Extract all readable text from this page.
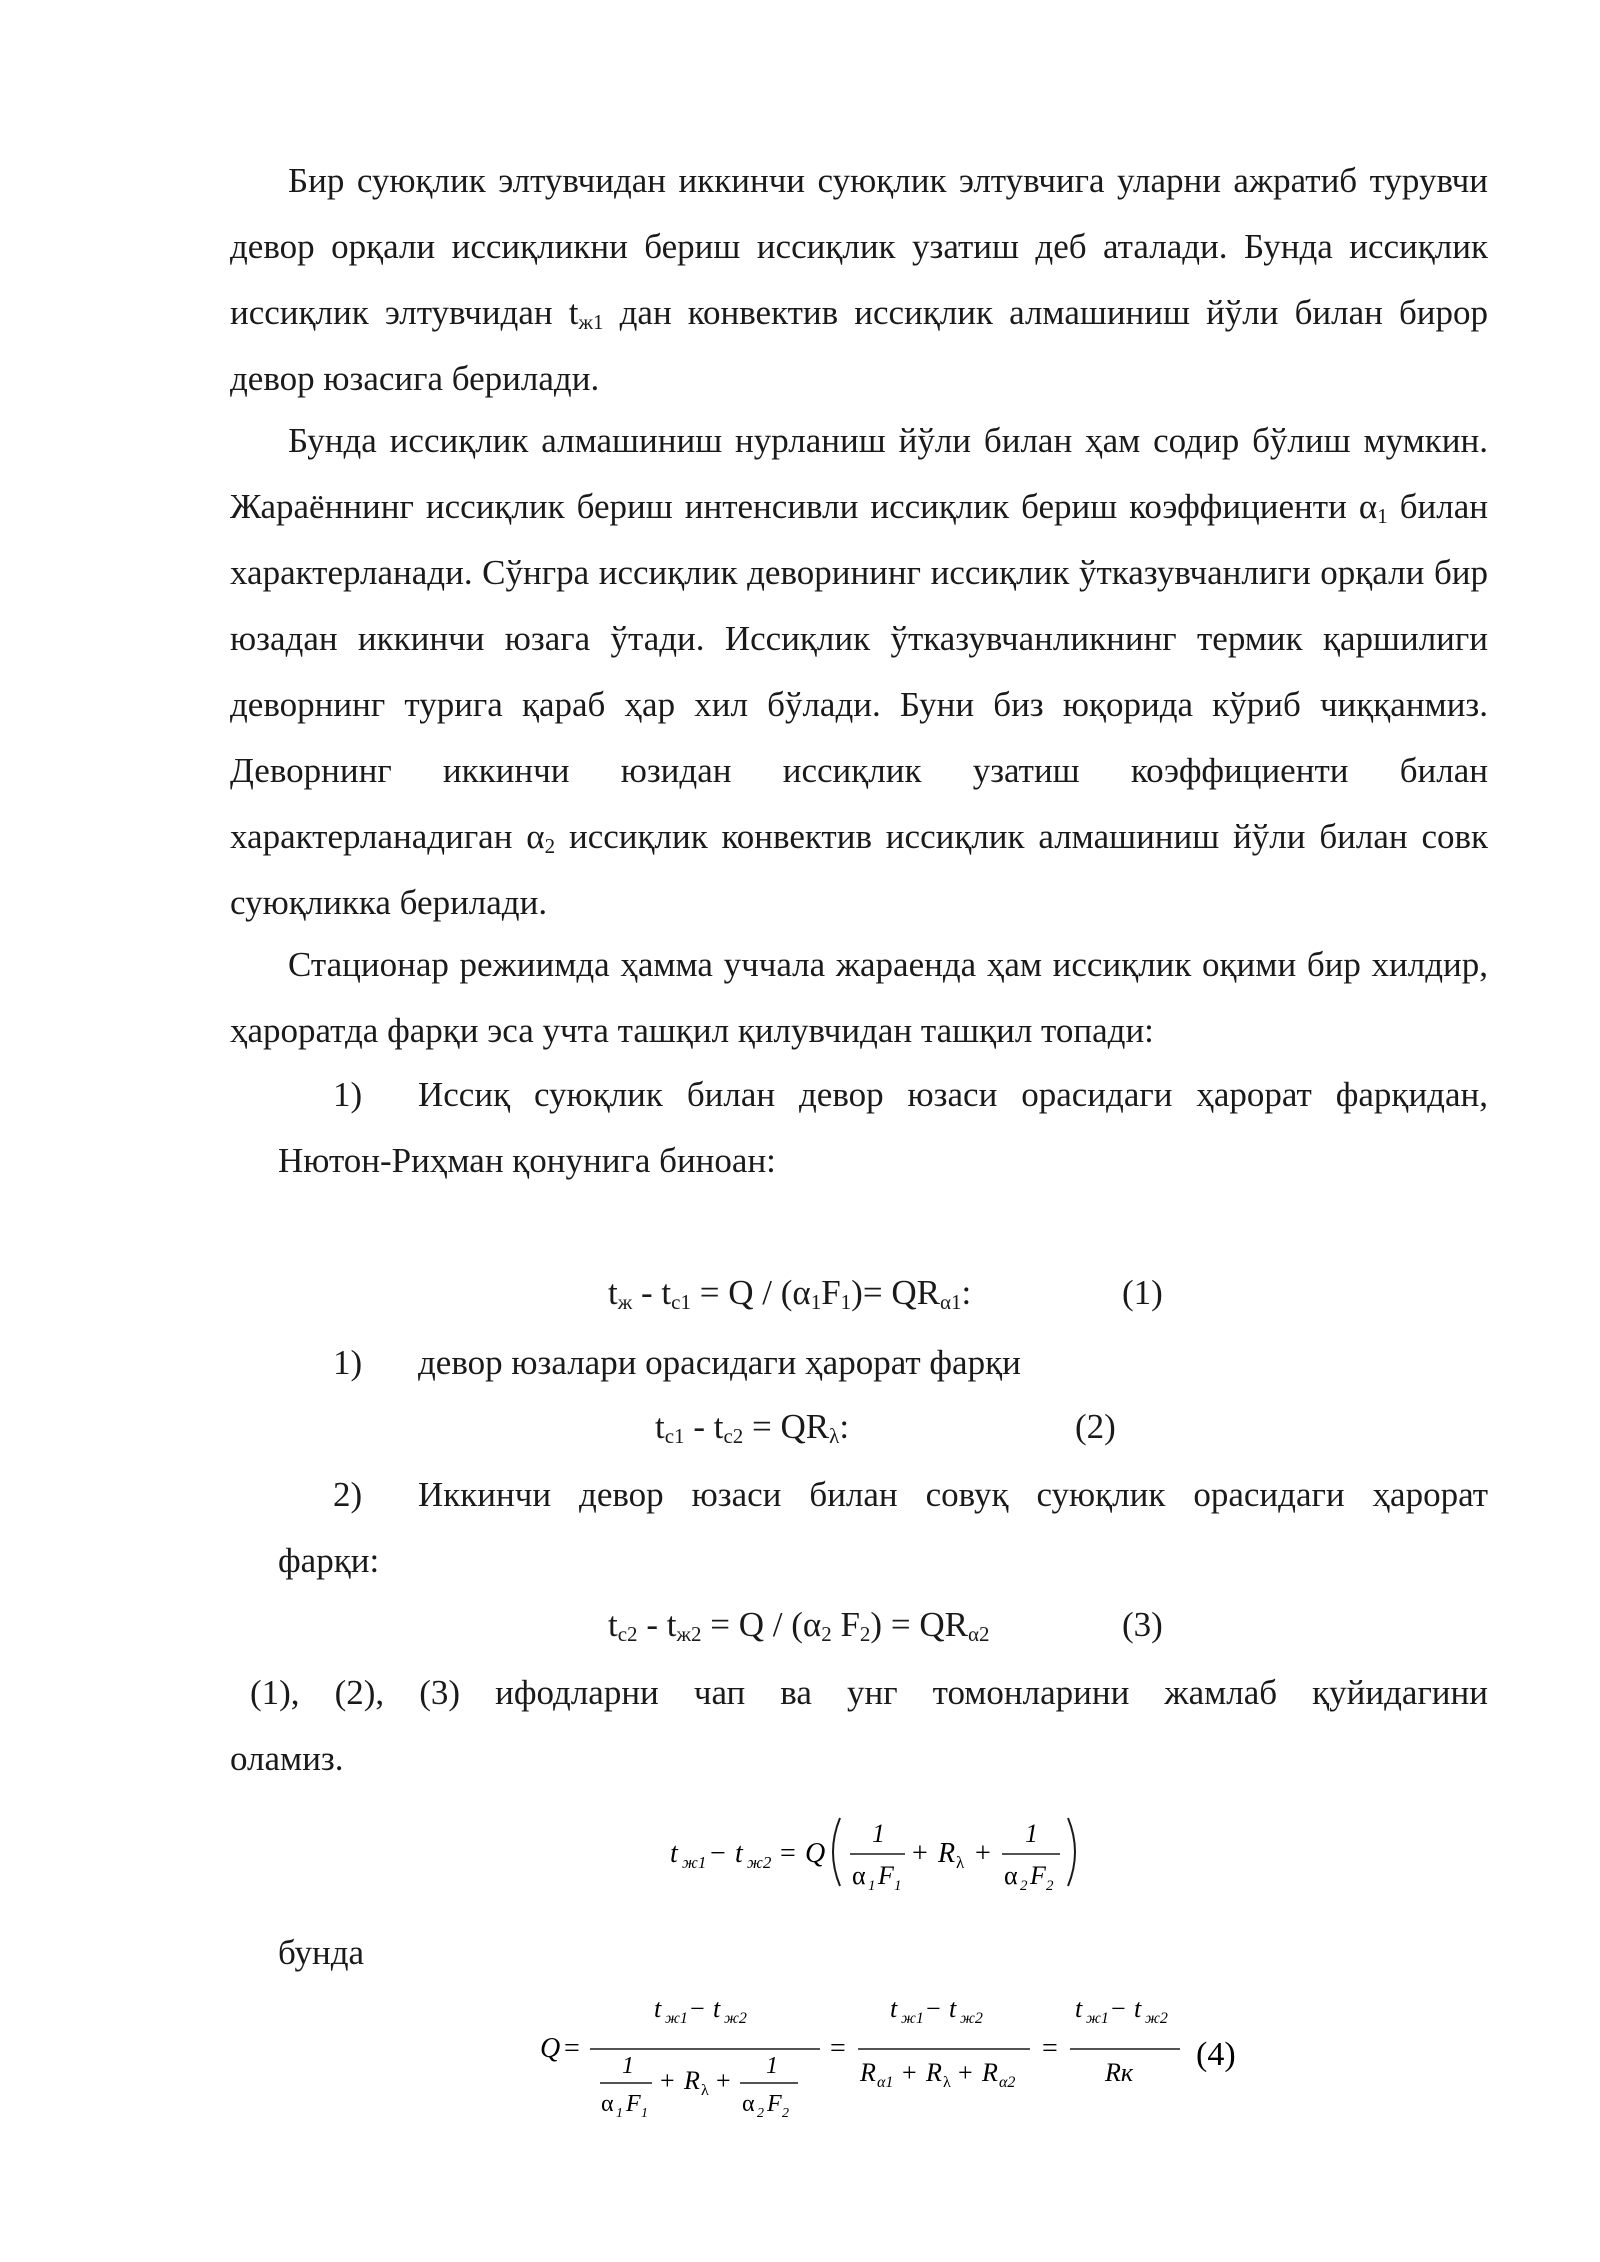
Бир суюқлик элтувчидан иккинчи суюқлик элтувчига уларни ажратиб турувчи девор орқали иссиқликни бериш иссиқлик узатиш деб аталади. Бунда иссиқлик иссиқлик элтувчидан $t_{ж1}$ дан конвектив иссиқлик алмашиниш йўли билан бирор девор юзасига берилади.

Бунда иссиқлик алмашиниш нурланиш йўли билан ҳам содир бўлиш мумкин. Жараённинг иссиқлик бериш интенсивли иссиқлик бериш коэффициенти $\alpha_1$ билан характерланади. Сўнгра иссиқлик деворининг иссиқлик ўтказувчанлиги орқали бир юзадан иккинчи юзага ўтади. Иссиқлик ўтказувчанликнинг термик қаршилиги деворнинг турига қараб ҳар хил бўлади. Буни биз юқорида кўриб чиққанмиз. Деворнинг иккинчи юзидан иссиқлик узатиш коэффициенти билан характерланадиган $\alpha_2$ иссиқлик конвектив иссиқлик алмашиниш йўли билан совк суюқликка берилади.

Стационар режиимда ҳамма уччала жараенда ҳам иссиқлик оқими бир хилдир, ҳароратда фарқи эса учта ташқил қилувчидан ташқил топади:

1) Иссиқ суюқлик билан девор юзаси орасидаги ҳарорат фарқидан,
Нютон-Риҳман қонунига биноан:
$t_ж - t_{c1} = Q / (\alpha_1F_1)= QR_{\alpha 1}$:	(1)
1) девор юзалари орасидаги ҳарорат фарқи
$t_{c1} - t_{c2} = QR_\lambda$:	(2)
2) Иккинчи девор юзаси билан совуқ суюқлик орасидаги ҳарорат
фарқи:
$t_{c2} - t_{ж2} = Q / (\alpha_2$ $F_2) = QR_{\alpha 2}$	(3)

(1), (2), (3) ифодларни чап ва унг томонларини жамлаб қуйидагини
оламиз.

t ж1 − t ж2 = Q
1
α 1 F 1
+ R λ +
1
α 2 F 2
бунда
Q =
t ж1 − t ж2
1
α 1 F 1
+ R λ + 1
α 2 F 2
=
t ж1 − t ж2
R α1 + R λ + R α2
=
t ж1 − t ж2
Rк (4)
